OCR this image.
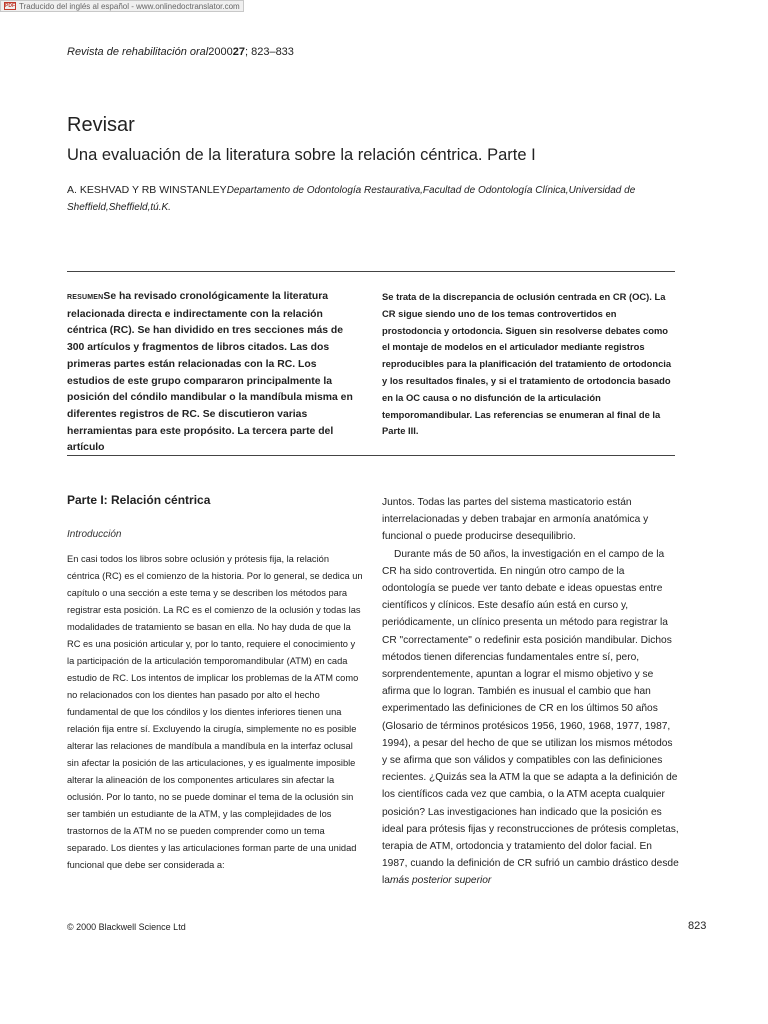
PDF Traducido del inglés al español - www.onlinedoctranslator.com
Revista de rehabilitación oral200027; 823–833
Revisar
Una evaluación de la literatura sobre la relación céntrica. Parte I
A. KESHVAD Y RB WINSTANLEYDepartamento de Odontología Restaurativa,Facultad de Odontología Clínica,Universidad de Sheffield,Sheffield,tú.K.
RESUMENSe ha revisado cronológicamente la literatura relacionada directa e indirectamente con la relación céntrica (RC). Se han dividido en tres secciones más de 300 artículos y fragmentos de libros citados. Las dos primeras partes están relacionadas con la RC. Los estudios de este grupo compararon principalmente la posición del cóndilo mandibular o la mandíbula misma en diferentes registros de RC. Se discutieron varias herramientas para este propósito. La tercera parte del artículo
Se trata de la discrepancia de oclusión centrada en CR (OC). La CR sigue siendo uno de los temas controvertidos en prostodoncia y ortodoncia. Siguen sin resolverse debates como el montaje de modelos en el articulador mediante registros reproducibles para la planificación del tratamiento de ortodoncia y los resultados finales, y si el tratamiento de ortodoncia basado en la OC causa o no disfunción de la articulación temporomandibular. Las referencias se enumeran al final de la Parte III.
Parte I: Relación céntrica
Introducción

En casi todos los libros sobre oclusión y prótesis fija, la relación céntrica (RC) es el comienzo de la historia. Por lo general, se dedica un capítulo o una sección a este tema y se describen los métodos para registrar esta posición. La RC es el comienzo de la oclusión y todas las modalidades de tratamiento se basan en ella. No hay duda de que la RC es una posición articular y, por lo tanto, requiere el conocimiento y la participación de la articulación temporomandibular (ATM) en cada estudio de RC. Los intentos de implicar los problemas de la ATM como no relacionados con los dientes han pasado por alto el hecho fundamental de que los cóndilos y los dientes inferiores tienen una relación fija entre sí. Excluyendo la cirugía, simplemente no es posible alterar las relaciones de mandíbula a mandíbula en la interfaz oclusal sin afectar la posición de las articulaciones, y es igualmente imposible alterar la alineación de los componentes articulares sin afectar la oclusión. Por lo tanto, no se puede dominar el tema de la oclusión sin ser también un estudiante de la ATM, y las complejidades de los trastornos de la ATM no se pueden comprender como un tema separado. Los dientes y las articulaciones forman parte de una unidad funcional que debe ser considerada a:

Juntos. Todas las partes del sistema masticatorio están interrelacionadas y deben trabajar en armonía anatómica y funcional o puede producirse desequilibrio.

Durante más de 50 años, la investigación en el campo de la CR ha sido controvertida. En ningún otro campo de la odontología se puede ver tanto debate e ideas opuestas entre científicos y clínicos. Este desafío aún está en curso y, periódicamente, un clínico presenta un método para registrar la CR "correctamente" o redefinir esta posición mandibular. Dichos métodos tienen diferencias fundamentales entre sí, pero, sorprendentemente, apuntan a lograr el mismo objetivo y se afirma que lo logran. También es inusual el cambio que han experimentado las definiciones de CR en los últimos 50 años (Glosario de términos protésicos 1956, 1960, 1968, 1977, 1987, 1994), a pesar del hecho de que se utilizan los mismos métodos y se afirma que son válidos y compatibles con las definiciones recientes. ¿Quizás sea la ATM la que se adapta a la definición de los científicos cada vez que cambia, o la ATM acepta cualquier posición? Las investigaciones han indicado que la posición es ideal para prótesis fijas y reconstrucciones de prótesis completas, terapia de ATM, ortodoncia y tratamiento del dolor facial. En 1987, cuando la definición de CR sufrió un cambio drástico desde lamás posterior superior

© 2000 Blackwell Science Ltd	823
